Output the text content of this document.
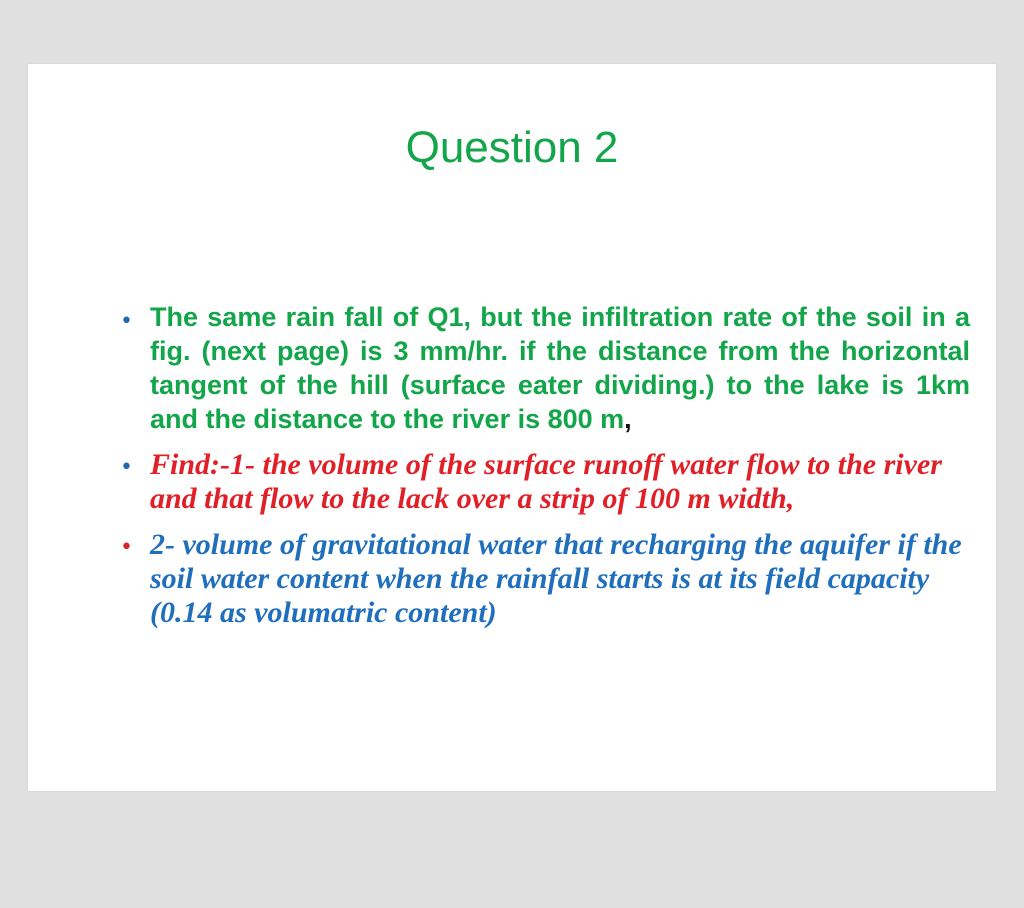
Question 2
• The same rain fall of Q1, but the infiltration rate of the soil in a fig. (next page) is 3 mm/hr. if the distance from the horizontal tangent of the hill (surface eater dividing.) to the lake is 1km and the distance to the river is 800 m,
• Find:-1- the volume of the surface runoff water flow to the river and that flow to the lack over a strip of 100 m width,
• 2- volume of gravitational water that recharging the aquifer if the soil water content when the rainfall starts is at its field capacity (0.14 as volumatric content)
